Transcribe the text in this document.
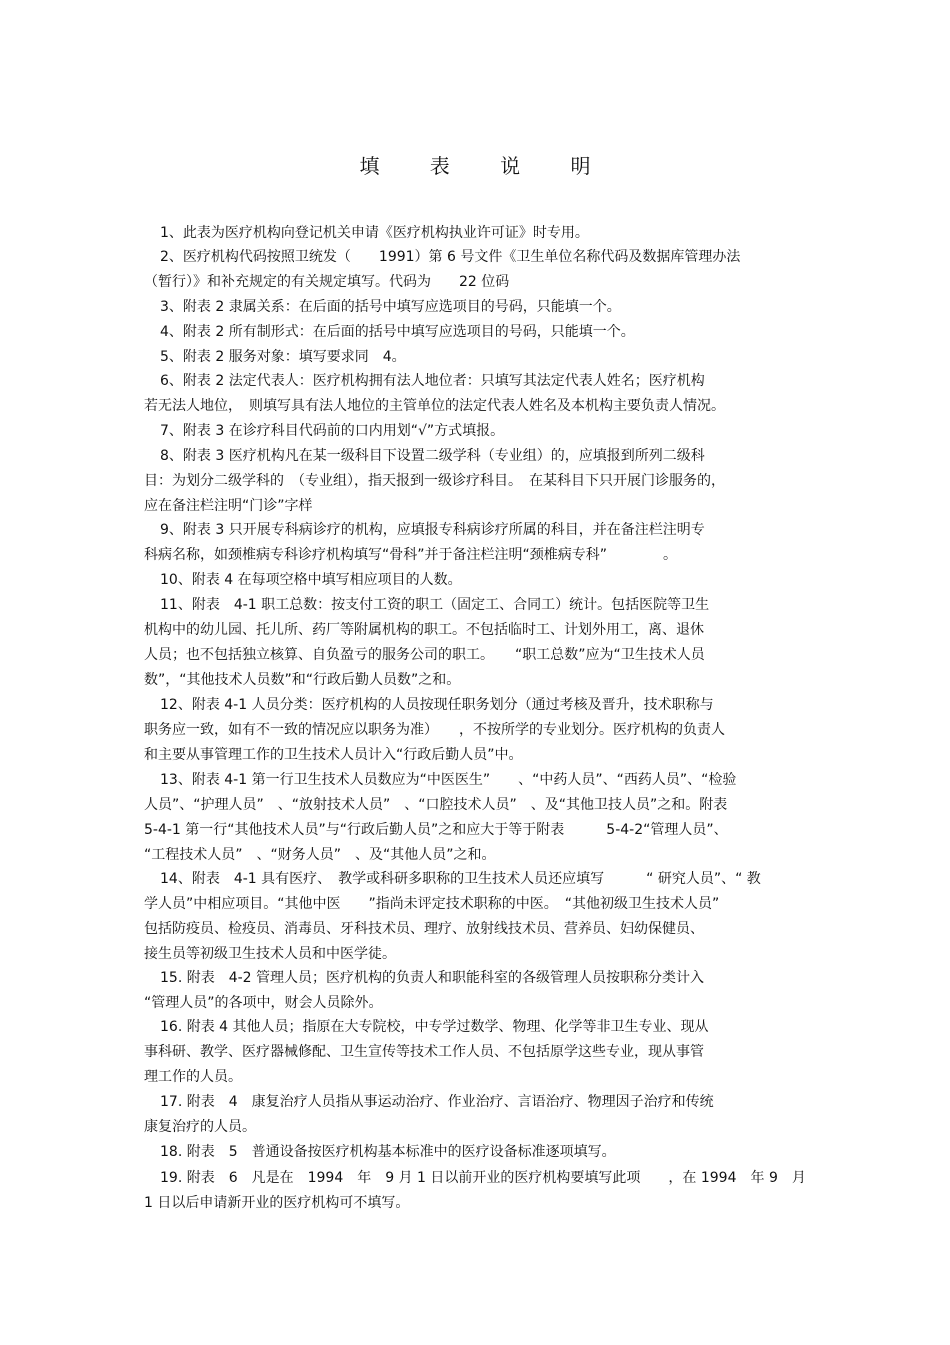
填 表 说 明
1、此表为医疗机构向登记机关申请《医疗机构执业许可证》时专用。
2、医疗机构代码按照卫统发（　　1991）第 6 号文件《卫生单位名称代码及数据库管理办法
（暂行）》和补充规定的有关规定填写。代码为　　22 位码
3、附表 2 隶属关系：在后面的括号中填写应选项目的号码，只能填一个。
4、附表 2 所有制形式：在后面的括号中填写应选项目的号码，只能填一个。
5、附表 2 服务对象：填写要求同　4。
6、附表 2 法定代表人：医疗机构拥有法人地位者：只填写其法定代表人姓名；医疗机构
若无法人地位，　则填写具有法人地位的主管单位的法定代表人姓名及本机构主要负责人情况。
7、附表 3 在诊疗科目代码前的口内用划“√”方式填报。
8、附表 3 医疗机构凡在某一级科目下设置二级学科（专业组）的，应填报到所列二级科
目：为划分二级学科的　（专业组），指天报到一级诊疗科目。　在某科目下只开展门诊服务的，
应在备注栏注明“门诊”字样
9、附表 3 只开展专科病诊疗的机构，应填报专科病诊疗所属的科目，并在备注栏注明专
科病名称，如颈椎病专科诊疗机构填写“骨科”并于备注栏注明“颈椎病专科”　　　　。
10、附表 4 在每项空格中填写相应项目的人数。
11、附表　4-1 职工总数：按支付工资的职工（固定工、合同工）统计。包括医院等卫生
机构中的幼儿园、托儿所、药厂等附属机构的职工。不包括临时工、计划外用工，离、退休
人员；也不包括独立核算、自负盈亏的服务公司的职工。　　“职工总数”应为“卫生技术人员
数”，“其他技术人员数”和“行政后勤人员数”之和。
12、附表 4-1 人员分类：医疗机构的人员按现任职务划分（通过考核及晋升，技术职称与
职务应一致，如有不一致的情况应以职务为准）　　，不按所学的专业划分。医疗机构的负责人
和主要从事管理工作的卫生技术人员计入“行政后勤人员”中。
13、附表 4-1 第一行卫生技术人员数应为“中医医生”　　、“中药人员”、“西药人员”、“检验
人员”、“护理人员”　、“放射技术人员”　、“口腔技术人员”　、及“其他卫技人员”之和。附表
5-4-1 第一行“其他技术人员”与“行政后勤人员”之和应大于等于附表　　　5-4-2“管理人员”、
“工程技术人员”　、“财务人员”　、及“其他人员”之和。
14、附表　4-1 具有医疗、　教学或科研多职称的卫生技术人员还应填写　　　“ 研究人员”、“ 教
学人员”中相应项目。“其他中医　　”指尚未评定技术职称的中医。　“其他初级卫生技术人员”
包括防疫员、检疫员、消毒员、牙科技术员、理疗、放射线技术员、营养员、妇幼保健员、
接生员等初级卫生技术人员和中医学徒。
15. 附表　4-2 管理人员；医疗机构的负责人和职能科室的各级管理人员按职称分类计入
“管理人员”的各项中，财会人员除外。
16. 附表 4 其他人员；指原在大专院校，中专学过数学、物理、化学等非卫生专业、现从
事科研、教学、医疗器械修配、卫生宣传等技术工作人员、不包括原学这些专业，现从事管
理工作的人员。
17. 附表　4　康复治疗人员指从事运动治疗、作业治疗、言语治疗、物理因子治疗和传统
康复治疗的人员。
18. 附表　5　普通设备按医疗机构基本标准中的医疗设备标准逐项填写。
19. 附表　6　凡是在　1994　年　9 月 1 日以前开业的医疗机构要填写此项　　，在 1994　年 9　月
1 日以后申请新开业的医疗机构可不填写。
